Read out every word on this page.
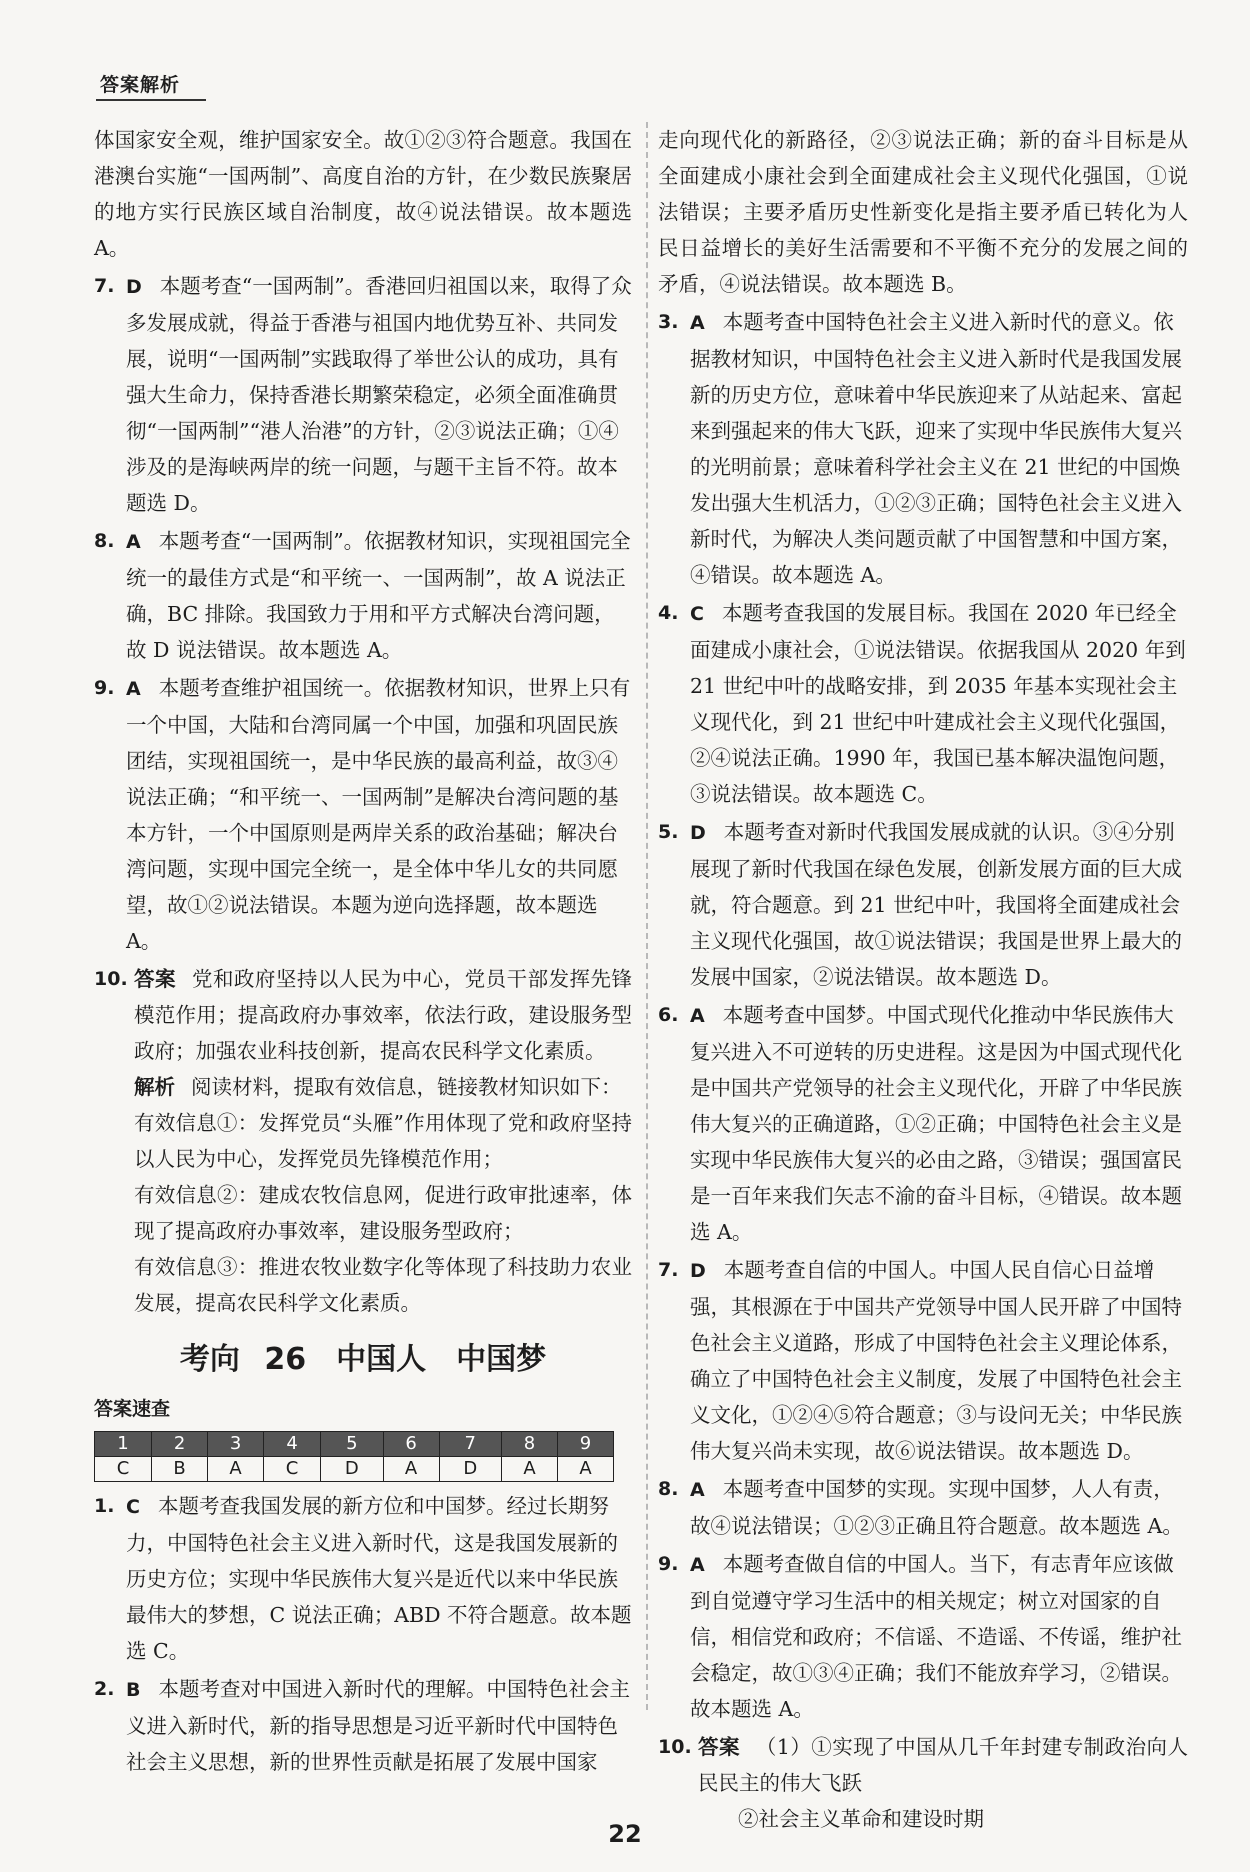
答案解析
体国家安全观，维护国家安全。故①②③符合题意。我国在港澳台实施“一国两制”、高度自治的方针，在少数民族聚居的地方实行民族区域自治制度，故④说法错误。故本题选 A。
7. D 本题考查“一国两制”。香港回归祖国以来，取得了众多发展成就，得益于香港与祖国内地优势互补、共同发展，说明“一国两制”实践取得了举世公认的成功，具有强大生命力，保持香港长期繁荣稳定，必须全面准确贯彻“一国两制”“港人治港”的方针，②③说法正确；①④涉及的是海峡两岸的统一问题，与题干主旨不符。故本题选 D。
8. A 本题考查“一国两制”。依据教材知识，实现祖国完全统一的最佳方式是“和平统一、一国两制”，故 A 说法正确，BC 排除。我国致力于用和平方式解决台湾问题，故 D 说法错误。故本题选 A。
9. A 本题考查维护祖国统一。依据教材知识，世界上只有一个中国，大陆和台湾同属一个中国，加强和巩固民族团结，实现祖国统一，是中华民族的最高利益，故③④说法正确；“和平统一、一国两制”是解决台湾问题的基本方针，一个中国原则是两岸关系的政治基础；解决台湾问题，实现中国完全统一，是全体中华儿女的共同愿望，故①②说法错误。本题为逆向选择题，故本题选 A。
10. 答案 党和政府坚持以人民为中心，党员干部发挥先锋模范作用；提高政府办事效率，依法行政，建设服务型政府；加强农业科技创新，提高农民科学文化素质。
解析 阅读材料，提取有效信息，链接教材知识如下：
有效信息①：发挥党员“头雁”作用体现了党和政府坚持以人民为中心，发挥党员先锋模范作用；
有效信息②：建成农牧信息网，促进行政审批速率，体现了提高政府办事效率，建设服务型政府；
有效信息③：推进农牧业数字化等体现了科技助力农业发展，提高农民科学文化素质。
考向 26　中国人　中国梦
答案速查
1	2	3	4	5	6	7	8	9
C	B	A	C	D	A	D	A	A
1. C 本题考查我国发展的新方位和中国梦。经过长期努力，中国特色社会主义进入新时代，这是我国发展新的历史方位；实现中华民族伟大复兴是近代以来中华民族最伟大的梦想，C 说法正确；ABD 不符合题意。故本题选 C。
2. B 本题考查对中国进入新时代的理解。中国特色社会主义进入新时代，新的指导思想是习近平新时代中国特色社会主义思想，新的世界性贡献是拓展了发展中国家
走向现代化的新路径，②③说法正确；新的奋斗目标是从全面建成小康社会到全面建成社会主义现代化强国，①说法错误；主要矛盾历史性新变化是指主要矛盾已转化为人民日益增长的美好生活需要和不平衡不充分的发展之间的矛盾，④说法错误。故本题选 B。
3. A 本题考查中国特色社会主义进入新时代的意义。依据教材知识，中国特色社会主义进入新时代是我国发展新的历史方位，意味着中华民族迎来了从站起来、富起来到强起来的伟大飞跃，迎来了实现中华民族伟大复兴的光明前景；意味着科学社会主义在 21 世纪的中国焕发出强大生机活力，①②③正确；国特色社会主义进入新时代，为解决人类问题贡献了中国智慧和中国方案，④错误。故本题选 A。
4. C 本题考查我国的发展目标。我国在 2020 年已经全面建成小康社会，①说法错误。依据我国从 2020 年到 21 世纪中叶的战略安排，到 2035 年基本实现社会主义现代化，到 21 世纪中叶建成社会主义现代化强国，②④说法正确。1990 年，我国已基本解决温饱问题，③说法错误。故本题选 C。
5. D 本题考查对新时代我国发展成就的认识。③④分别展现了新时代我国在绿色发展，创新发展方面的巨大成就，符合题意。到 21 世纪中叶，我国将全面建成社会主义现代化强国，故①说法错误；我国是世界上最大的发展中国家，②说法错误。故本题选 D。
6. A 本题考查中国梦。中国式现代化推动中华民族伟大复兴进入不可逆转的历史进程。这是因为中国式现代化是中国共产党领导的社会主义现代化，开辟了中华民族伟大复兴的正确道路，①②正确；中国特色社会主义是实现中华民族伟大复兴的必由之路，③错误；强国富民是一百年来我们矢志不渝的奋斗目标，④错误。故本题选 A。
7. D 本题考查自信的中国人。中国人民自信心日益增强，其根源在于中国共产党领导中国人民开辟了中国特色社会主义道路，形成了中国特色社会主义理论体系，确立了中国特色社会主义制度，发展了中国特色社会主义文化，①②④⑤符合题意；③与设问无关；中华民族伟大复兴尚未实现，故⑥说法错误。故本题选 D。
8. A 本题考查中国梦的实现。实现中国梦，人人有责，故④说法错误；①②③正确且符合题意。故本题选 A。
9. A 本题考查做自信的中国人。当下，有志青年应该做到自觉遵守学习生活中的相关规定；树立对国家的自信，相信党和政府；不信谣、不造谣、不传谣，维护社会稳定，故①③④正确；我们不能放弃学习，②错误。故本题选 A。
10. 答案 （1）①实现了中国从几千年封建专制政治向人民民主的伟大飞跃
②社会主义革命和建设时期
22
